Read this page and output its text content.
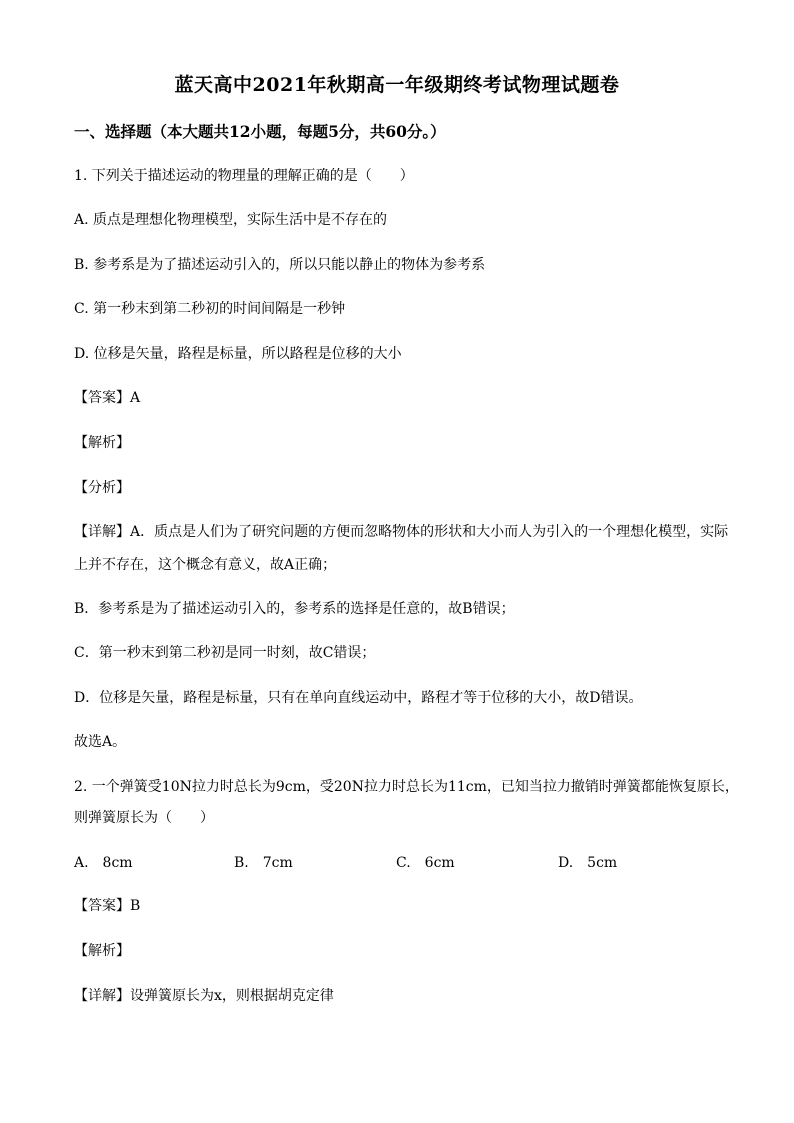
蓝天高中2021年秋期高一年级期终考试物理试题卷
一、选择题（本大题共12小题，每题5分，共60分。）
1. 下列关于描述运动的物理量的理解正确的是（　　）
A. 质点是理想化物理模型，实际生活中是不存在的
B. 参考系是为了描述运动引入的，所以只能以静止的物体为参考系
C. 第一秒末到第二秒初的时间间隔是一秒钟
D. 位移是矢量，路程是标量，所以路程是位移的大小
【答案】A
【解析】
【分析】
【详解】A．质点是人们为了研究问题的方便而忽略物体的形状和大小而人为引入的一个理想化模型，实际
上并不存在，这个概念有意义，故A正确；
B．参考系是为了描述运动引入的，参考系的选择是任意的，故B错误；
C．第一秒末到第二秒初是同一时刻，故C错误；
D．位移是矢量，路程是标量，只有在单向直线运动中，路程才等于位移的大小，故D错误。
故选A。
2. 一个弹簧受10N拉力时总长为9cm，受20N拉力时总长为11cm，已知当拉力撤销时弹簧都能恢复原长，
则弹簧原长为（　　）
A.　8cm	B.　7cm	C.　6cm	D.　5cm
【答案】B
【解析】
【详解】设弹簧原长为x，则根据胡克定律
